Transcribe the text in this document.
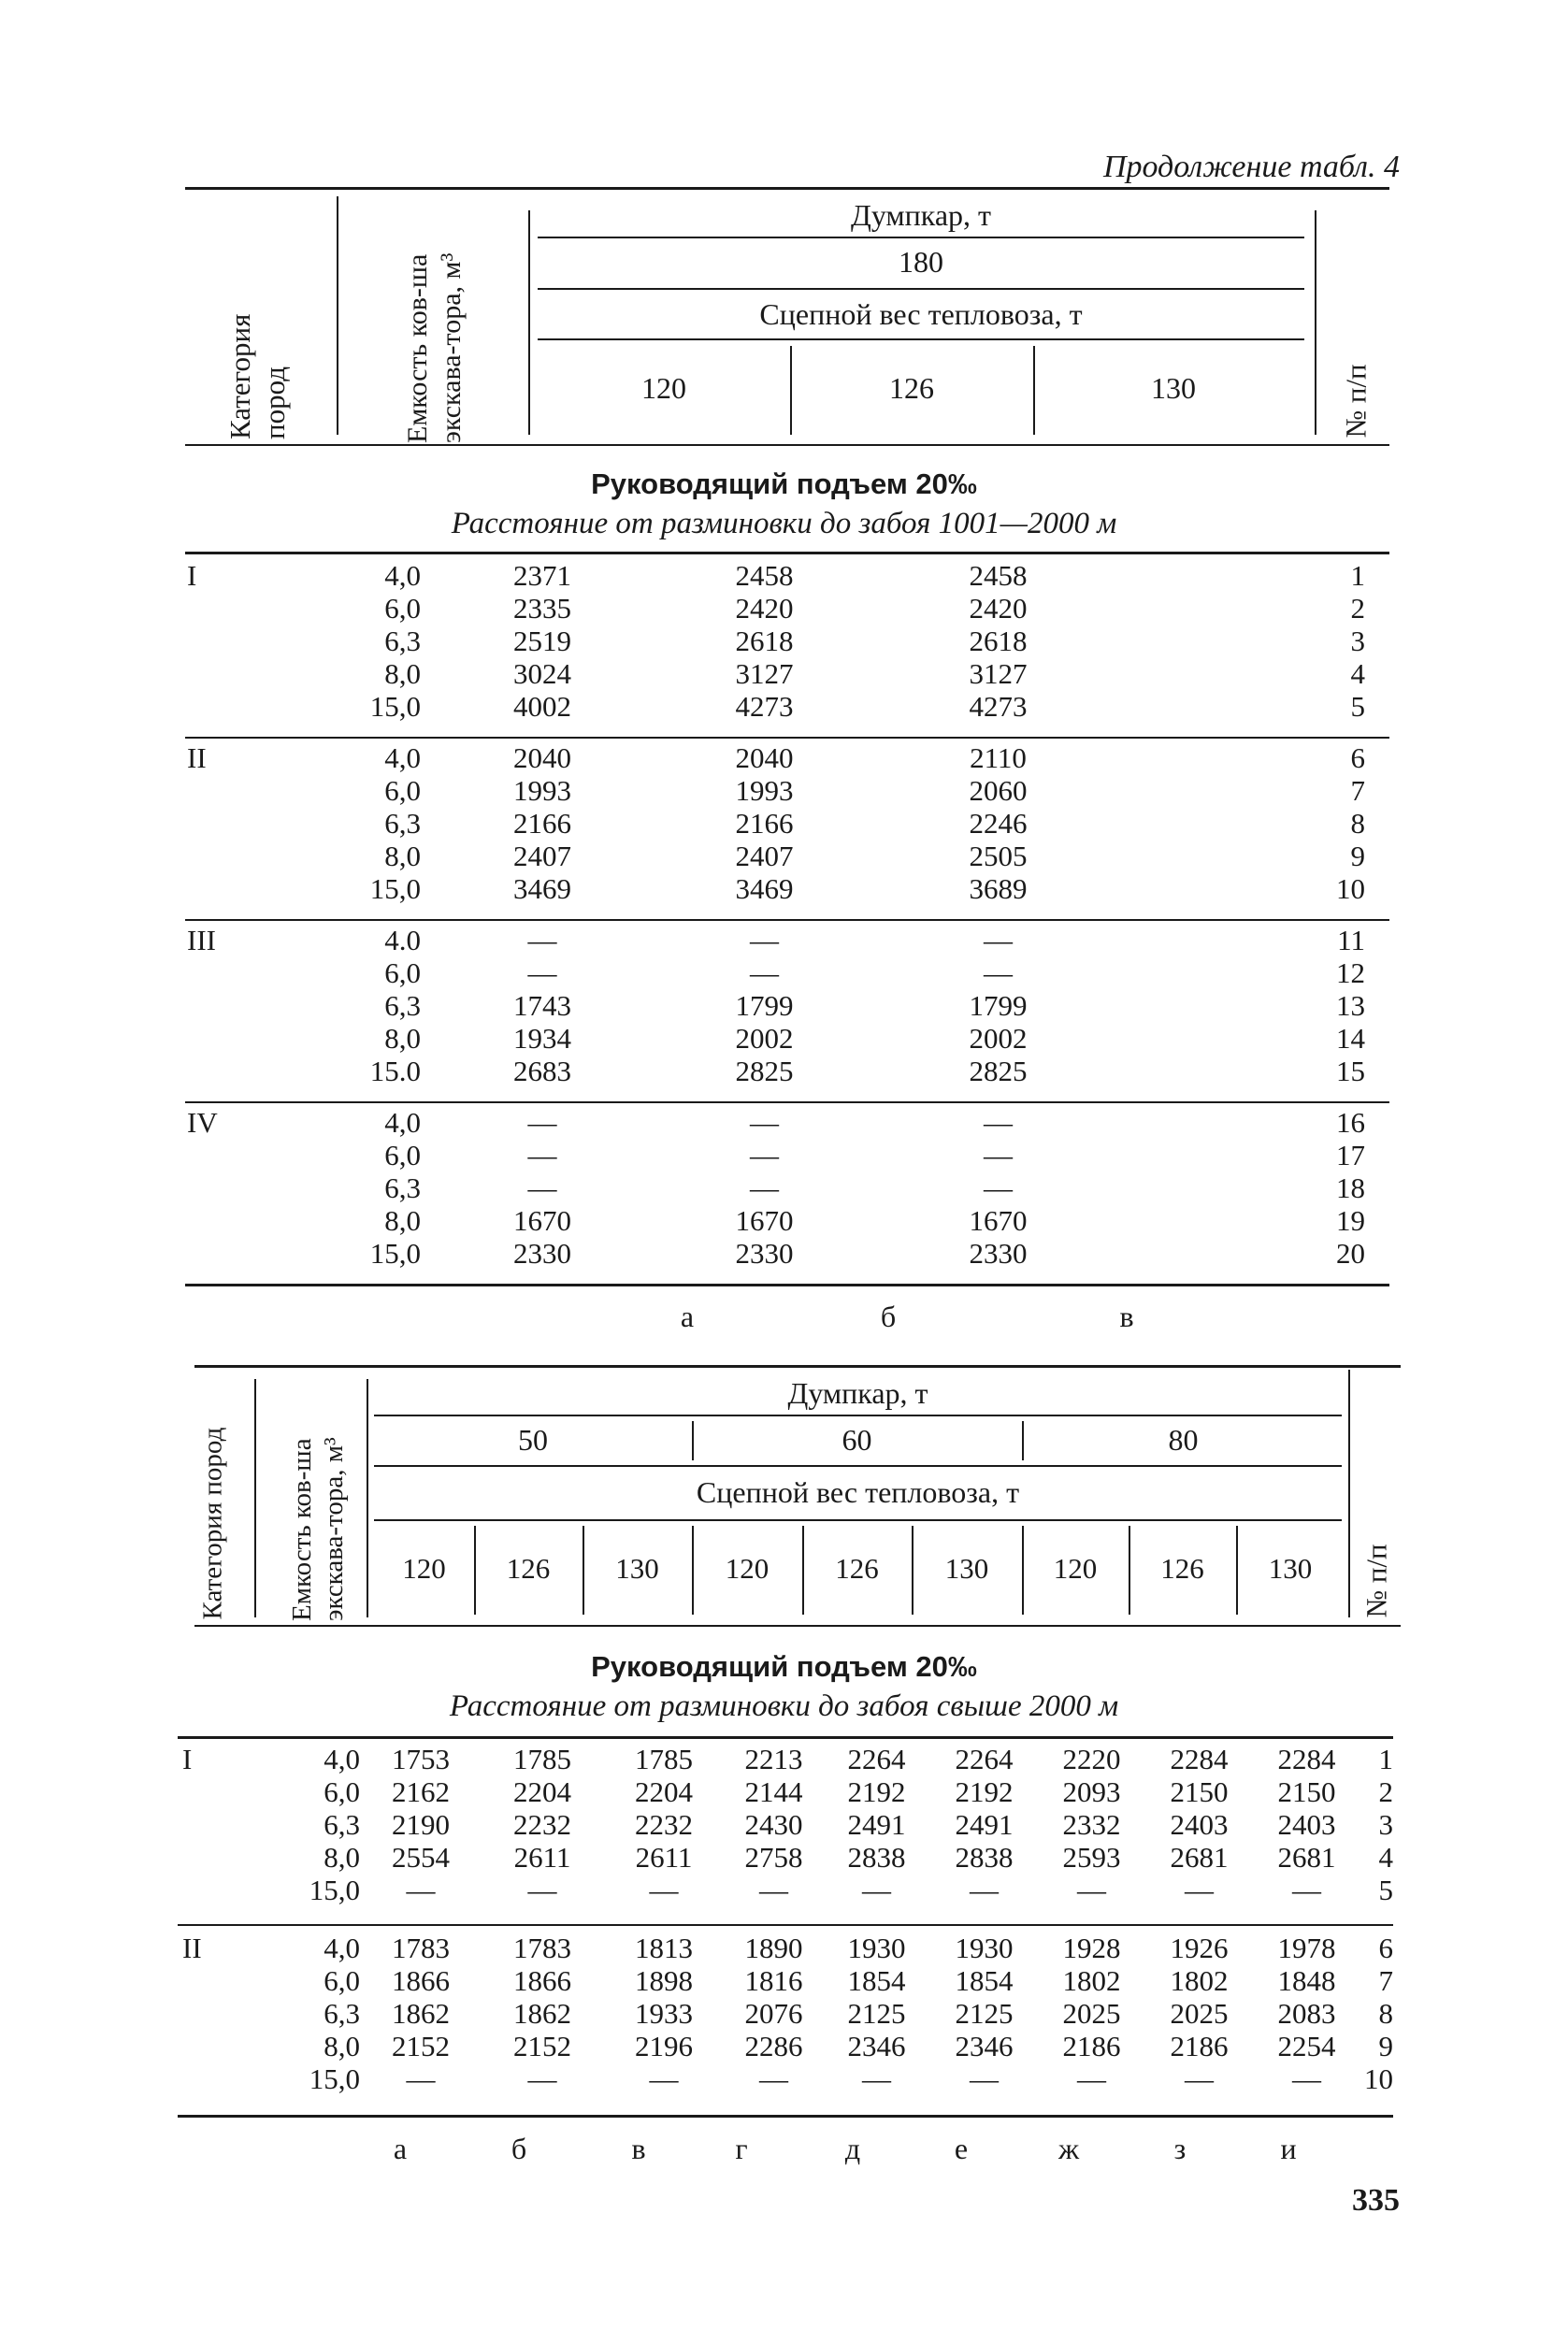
Продолжение табл. 4
Категория пород	Емкость ков-ша экскава-тора, м³
Думпкар, т
180
Сцепной вес тепловоза, т
120	126	130	№ п/п
Руководящий подъем 20‰
Расстояние от разминовки до забоя 1001—2000 м
I	4,0	2371	2458	2458	1
	6,0	2335	2420	2420	2
	6,3	2519	2618	2618	3
	8,0	3024	3127	3127	4
	15,0	4002	4273	4273	5

II	4,0	2040	2040	2110	6
	6,0	1993	1993	2060	7
	6,3	2166	2166	2246	8
	8,0	2407	2407	2505	9
	15,0	3469	3469	3689	10

III	4.0	—	—	—	11
	6,0	—	—	—	12
	6,3	1743	1799	1799	13
	8,0	1934	2002	2002	14
	15.0	2683	2825	2825	15

IV	4,0	—	—	—	16
	6,0	—	—	—	17
	6,3	—	—	—	18
	8,0	1670	1670	1670	19
	15,0	2330	2330	2330	20
а	б	в
Категория пород Емкость ков-ша экскава-тора, м³
Думпкар, т
50	60	80
Сцепной вес тепловоза, т
120	126	130	120	126	130	120	126	130	№ п/п
Руководящий подъем 20‰
Расстояние от разминовки до забоя свыше 2000 м
I	4,0	1753	1785	1785	2213	2264	2264	2220	2284	2284	1
	6,0	2162	2204	2204	2144	2192	2192	2093	2150	2150	2
	6,3	2190	2232	2232	2430	2491	2491	2332	2403	2403	3
	8,0	2554	2611	2611	2758	2838	2838	2593	2681	2681	4
	15,0	—	—	—	—	—	—	—	—	—	5

II	4,0	1783	1783	1813	1890	1930	1930	1928	1926	1978	6
	6,0	1866	1866	1898	1816	1854	1854	1802	1802	1848	7
	6,3	1862	1862	1933	2076	2125	2125	2025	2025	2083	8
	8,0	2152	2152	2196	2286	2346	2346	2186	2186	2254	9
	15,0	—	—	—	—	—	—	—	—	—	10
а	б	в	г	д	е	ж	з	и
335
